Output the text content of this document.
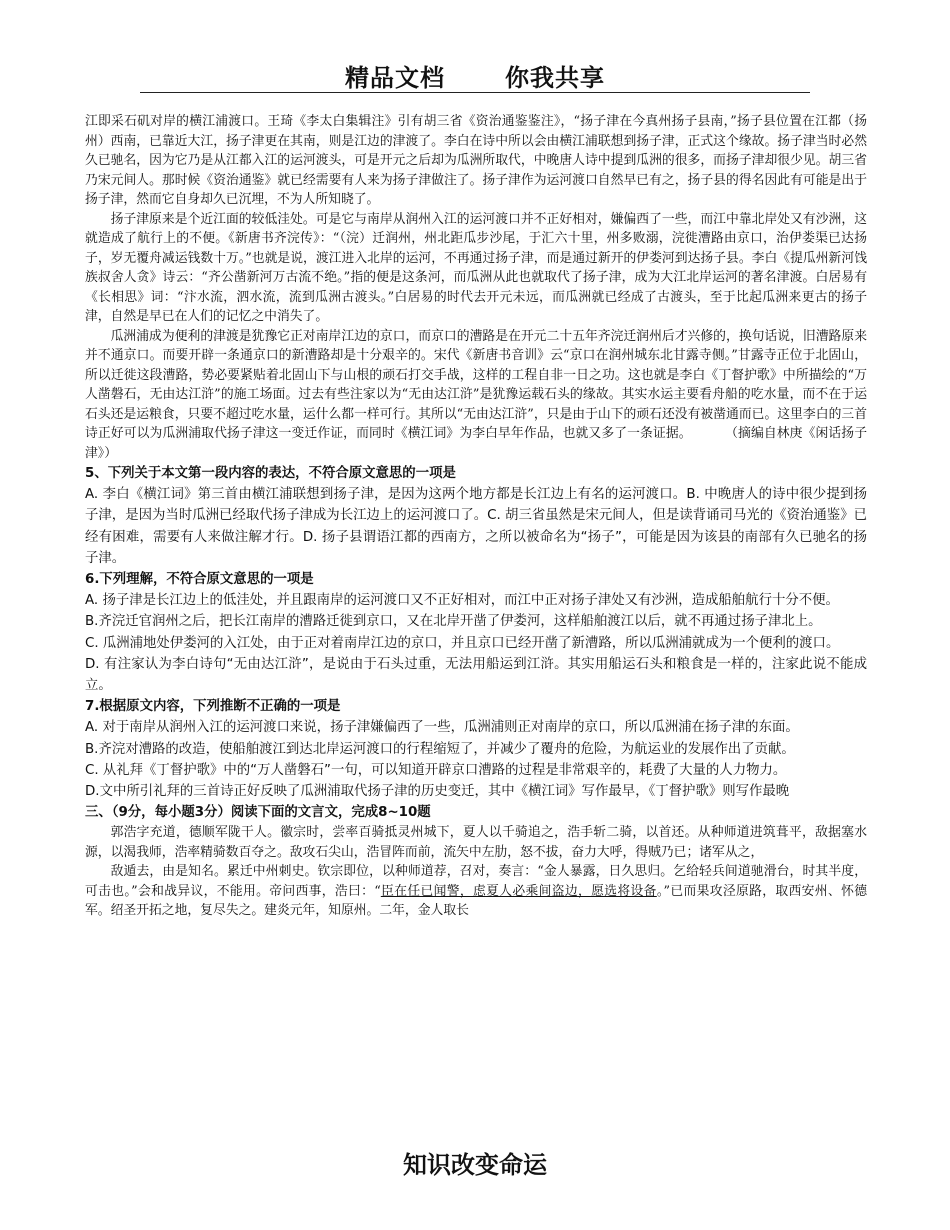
精品文档	你我共享

江即采石矶对岸的横江浦渡口。王琦《李太白集辑注》引有胡三省《资治通鉴鉴注》，“扬子津在今真州扬子县南，”扬子县位置在江都（扬州）西南，已靠近大江，扬子津更在其南，则是江边的津渡了。李白在诗中所以会由横江浦联想到扬子津，正式这个缘故。扬子津当时必然久已驰名，因为它乃是从江都入江的运河渡头，可是开元之后却为瓜洲所取代，中晚唐人诗中提到瓜洲的很多，而扬子津却很少见。胡三省乃宋元间人。那时候《资治通鉴》就已经需要有人来为扬子津做注了。扬子津作为运河渡口自然早已有之，扬子县的得名因此有可能是出于扬子津，然而它自身却久已沉埋，不为人所知晓了。

扬子津原来是个近江面的较低洼处。可是它与南岸从润州入江的运河渡口并不正好相对，嫌偏西了一些，而江中靠北岸处又有沙洲，这就造成了航行上的不便。《新唐书齐浣传》：“（浣）迁润州，州北距瓜步沙尾，于汇六十里，州多败溺，浣徙漕路由京口，治伊娄渠已达扬子，岁无覆舟减运钱数十万。”也就是说，渡江进入北岸的运河，不再通过扬子津，而是通过新开的伊娄河到达扬子县。李白《提瓜州新河饯族叔舍人贪》诗云：“齐公凿新河万古流不绝。”指的便是这条河，而瓜洲从此也就取代了扬子津，成为大江北岸运河的著名津渡。白居易有《长相思》词：“汴水流，泗水流，流到瓜洲古渡头。”白居易的时代去开元未远，而瓜洲就已经成了古渡头，至于比起瓜洲来更古的扬子津，自然是早已在人们的记忆之中消失了。

瓜洲浦成为便利的津渡是犹豫它正对南岸江边的京口，而京口的漕路是在开元二十五年齐浣迁润州后才兴修的，换句话说，旧漕路原来并不通京口。而要开辟一条通京口的新漕路却是十分艰辛的。宋代《新唐书音训》云“京口在润州城东北甘露寺侧。”甘露寺正位于北固山，所以迁徙这段漕路，势必要紧贴着北固山下与山根的顽石打交手战，这样的工程自非一日之功。这也就是李白《丁督护歌》中所描绘的“万人凿磐石，无由达江浒”的施工场面。过去有些注家以为“无由达江浒”是犹豫运载石头的缘故。其实水运主要看舟船的吃水量，而不在于运石头还是运粮食，只要不超过吃水量，运什么都一样可行。其所以“无由达江浒”，只是由于山下的顽石还没有被凿通而已。这里李白的三首诗正好可以为瓜洲浦取代扬子津这一变迁作证，而同时《横江词》为李白早年作品，也就又多了一条证据。	（摘编自林庚《闲话扬子津》）

5、下列关于本文第一段内容的表达，不符合原文意思的一项是

A. 李白《横江词》第三首由横江浦联想到扬子津，是因为这两个地方都是长江边上有名的运河渡口。B. 中晚唐人的诗中很少提到扬子津，是因为当时瓜洲已经取代扬子津成为长江边上的运河渡口了。C. 胡三省虽然是宋元间人，但是读背诵司马光的《资治通鉴》已经有困难，需要有人来做注解才行。D. 扬子县谓语江都的西南方，之所以被命名为“扬子”，可能是因为该县的南部有久已驰名的扬子津。

6.下列理解，不符合原文意思的一项是

A. 扬子津是长江边上的低洼处，并且跟南岸的运河渡口又不正好相对，而江中正对扬子津处又有沙洲，造成船舶航行十分不便。

B.齐浣迁官润州之后，把长江南岸的漕路迁徙到京口，又在北岸开凿了伊娄河，这样船舶渡江以后，就不再通过扬子津北上。

C. 瓜洲浦地处伊娄河的入江处，由于正对着南岸江边的京口，并且京口已经开凿了新漕路，所以瓜洲浦就成为一个便利的渡口。

D. 有注家认为李白诗句“无由达江浒”，是说由于石头过重，无法用船运到江浒。其实用船运石头和粮食是一样的，注家此说不能成立。

7.根据原文内容，下列推断不正确的一项是

A. 对于南岸从润州入江的运河渡口来说，扬子津嫌偏西了一些，瓜洲浦则正对南岸的京口，所以瓜洲浦在扬子津的东面。

B.齐浣对漕路的改造，使船舶渡江到达北岸运河渡口的行程缩短了，并减少了覆舟的危险，为航运业的发展作出了贡献。

C. 从礼拜《丁督护歌》中的“万人凿磐石”一句，可以知道开辟京口漕路的过程是非常艰辛的，耗费了大量的人力物力。

D.文中所引礼拜的三首诗正好反映了瓜洲浦取代扬子津的历史变迁，其中《横江词》写作最早，《丁督护歌》则写作最晚

三、（9分，每小题3分）阅读下面的文言文，完成8~10题

郭浩字充道，德顺军陇干人。徽宗时，尝率百骑抵灵州城下，夏人以千骑追之，浩手斩二骑，以首还。从种师道进筑葺平，敌据塞水源，以渴我师，浩率精骑数百夺之。敌攻石尖山，浩冒阵而前，流矢中左肋，怒不拔，奋力大呼，得贼乃已；诸军从之，

敌遁去，由是知名。累迁中州刺史。钦宗即位，以种师道荐，召对，奏言：“金人暴露，日久思归。乞给轻兵间道驰滑台，时其半度，可击也。”会和战异议，不能用。帝问西事，浩曰：“臣在任已闻警，虑夏人必乘间盗边，愿选将设备。”已而果攻泾原路，取西安州、怀德军。绍圣开拓之地，复尽失之。建炎元年，知原州。二年，金人取长

知识改变命运
